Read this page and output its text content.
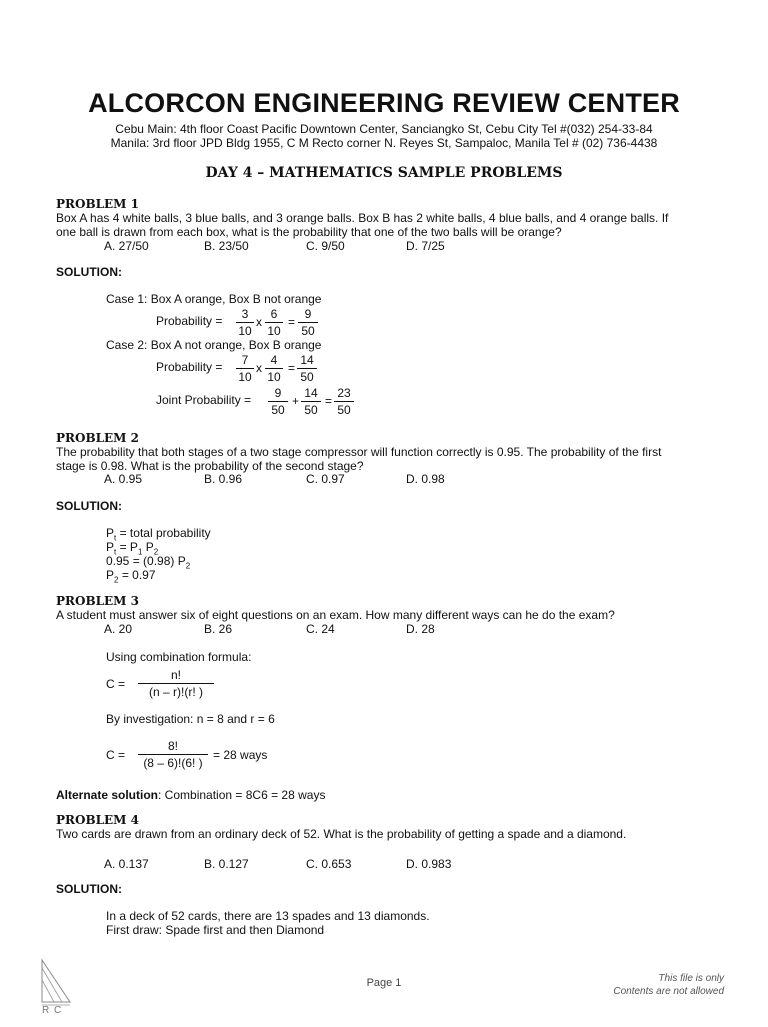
ALCORCON ENGINEERING REVIEW CENTER
Cebu Main: 4th floor Coast Pacific Downtown Center, Sanciangko St, Cebu City Tel #(032) 254-33-84
Manila: 3rd floor JPD Bldg 1955, C M Recto corner N. Reyes St, Sampaloc, Manila Tel # (02) 736-4438
DAY 4 – MATHEMATICS SAMPLE PROBLEMS
PROBLEM 1
Box A has 4 white balls, 3 blue balls, and 3 orange balls. Box B has 2 white balls, 4 blue balls, and 4 orange balls. If
one ball is drawn from each box, what is the probability that one of the two balls will be orange?
A. 27/50	B. 23/50	C. 9/50	D. 7/25
SOLUTION:
Case 1: Box A orange, Box B not orange
Probability =	3
10
x
6
10
=
9
50
Case 2: Box A not orange, Box B orange
Probability =	7
10
x
4
10
=
14
50
Joint Probability =	9
50
+
14
50
=
23
50
PROBLEM 2
The probability that both stages of a two stage compressor will function correctly is 0.95. The probability of the first
stage is 0.98. What is the probability of the second stage?
A. 0.95	B. 0.96	C. 0.97	D. 0.98
SOLUTION:
$P_t$ = total probability
$P_t = P_1$ $P_2$
0.95 = (0.98) $P_2$
$P_2 = 0.97$
PROBLEM 3
A student must answer six of eight questions on an exam. How many different ways can he do the exam?
A. 20	B. 26	C. 24	D. 28
Using combination formula:
C =
n!
(n – r)!(r! )
By investigation: n = 8 and r = 6
C =
8!
(8 – 6)!(6! )
= 28 ways
Alternate solution: Combination = 8C6 = 28 ways
PROBLEM 4
Two cards are drawn from an ordinary deck of 52. What is the probability of getting a spade and a diamond.
A. 0.137	B. 0.127	C. 0.653	D. 0.983
SOLUTION:
In a deck of 52 cards, there are 13 spades and 13 diamonds.
First draw: Spade first and then Diamond
R C
Page 1	This file is only
Contents are not allowed
